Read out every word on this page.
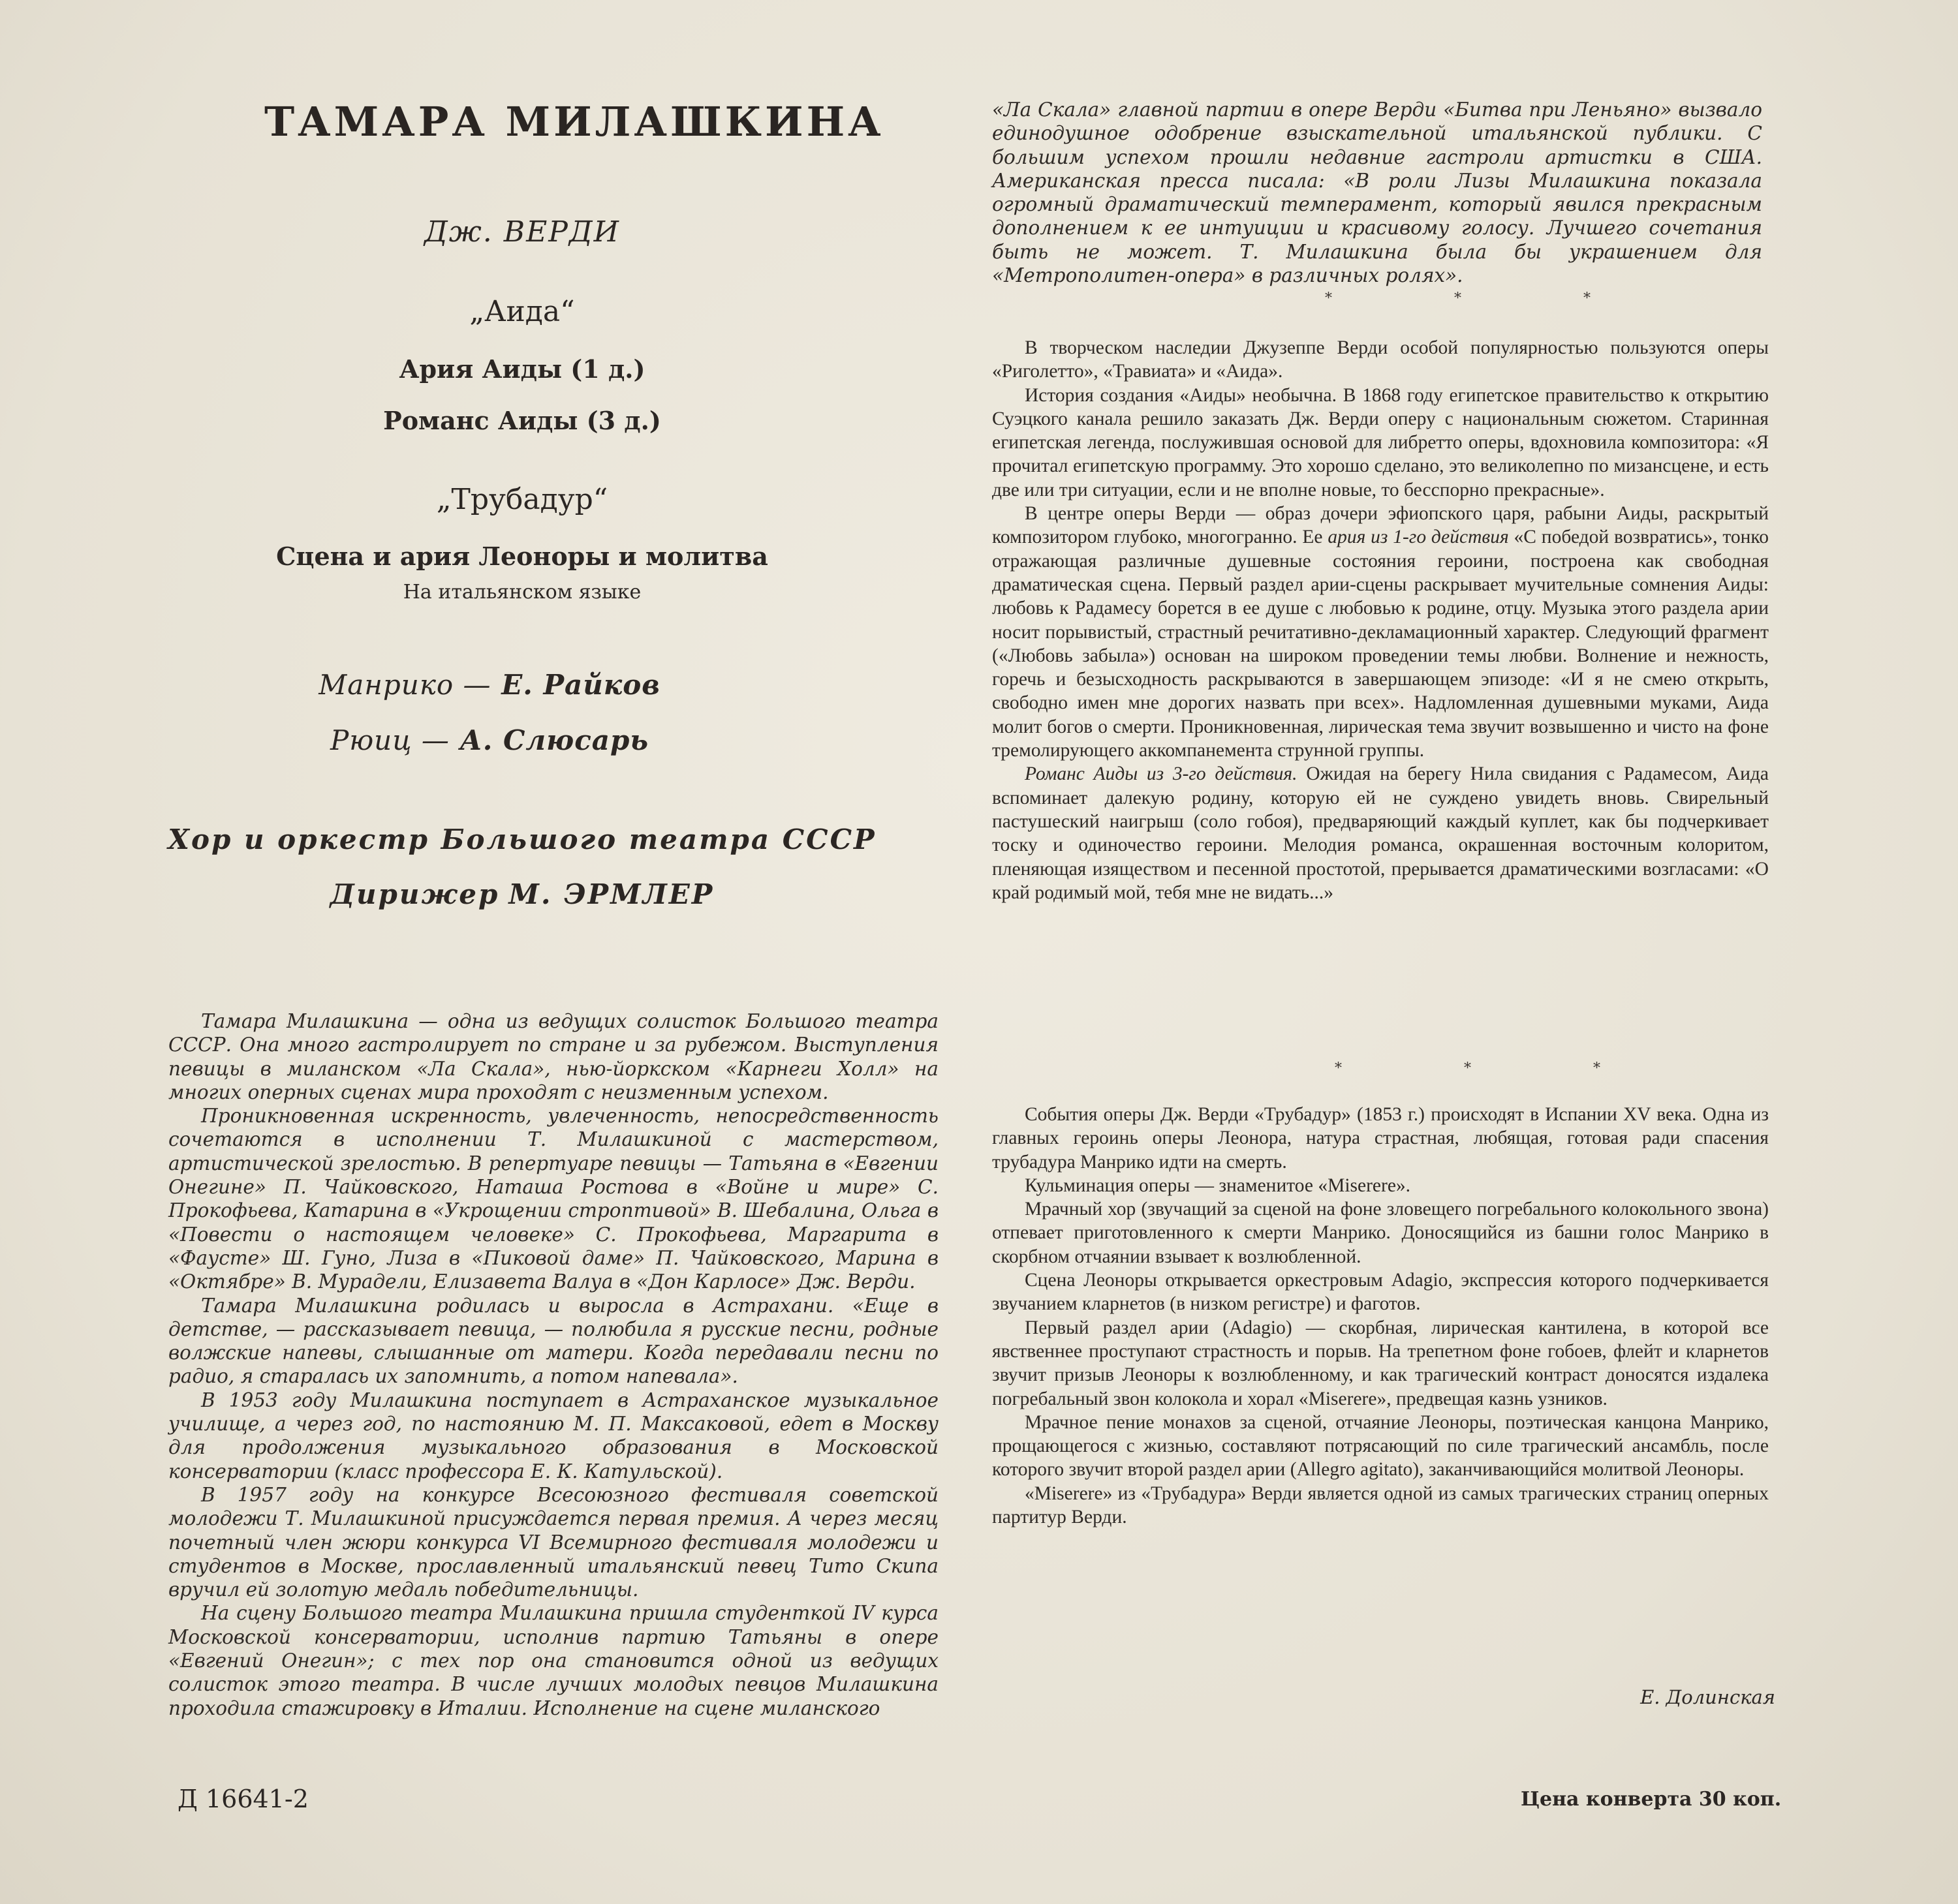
ТАМАРА МИЛАШКИНА
Дж. ВЕРДИ
„Аида“
Ария Аиды (1 д.)
Романс Аиды (3 д.)
„Трубадур“
Сцена и ария Леоноры и молитва
На итальянском языке
Манрико — Е. Райков
Рюиц — А. Слюсарь
Хор и оркестр Большого театра СССР
Дирижер М. ЭРМЛЕР

Тамара Милашкина — одна из ведущих солисток Большого театра СССР. Она много гастролирует по стране и за рубежом. Выступления певицы в миланском «Ла Скала», нью-йоркском «Карнеги Холл» на многих оперных сценах мира проходят с неизменным успехом.

Проникновенная искренность, увлеченность, непосредственность сочетаются в исполнении Т. Милашкиной с мастерством, артистической зрелостью. В репертуаре певицы — Татьяна в «Евгении Онегине» П. Чайковского, Наташа Ростова в «Войне и мире» С. Прокофьева, Катарина в «Укрощении строптивой» В. Шебалина, Ольга в «Повести о настоящем человеке» С. Прокофьева, Маргарита в «Фаусте» Ш. Гуно, Лиза в «Пиковой даме» П. Чайковского, Марина в «Октябре» В. Мурадели, Елизавета Валуа в «Дон Карлосе» Дж. Верди.

Тамара Милашкина родилась и выросла в Астрахани. «Еще в детстве, — рассказывает певица, — полюбила я русские песни, родные волжские напевы, слышанные от матери. Когда передавали песни по радио, я старалась их запомнить, а потом напевала».

В 1953 году Милашкина поступает в Астраханское музыкальное училище, а через год, по настоянию М. П. Максаковой, едет в Москву для продолжения музыкального образования в Московской консерватории (класс профессора Е. К. Катульской).

В 1957 году на конкурсе Всесоюзного фестиваля советской молодежи Т. Милашкиной присуждается первая премия. А через месяц почетный член жюри конкурса VI Всемирного фестиваля молодежи и студентов в Москве, прославленный итальянский певец Тито Скипа вручил ей золотую медаль победительницы.

На сцену Большого театра Милашкина пришла студенткой IV курса Московской консерватории, исполнив партию Татьяны в опере «Евгений Онегин»; с тех пор она становится одной из ведущих солисток этого театра. В числе лучших молодых певцов Милашкина проходила стажировку в Италии. Исполнение на сцене миланского

«Ла Скала» главной партии в опере Верди «Битва при Леньяно» вызвало единодушное одобрение взыскательной итальянской публики. С большим успехом прошли недавние гастроли артистки в США. Американская пресса писала: «В роли Лизы Милашкина показала огромный драматический темперамент, который явился прекрасным дополнением к ее интуиции и красивому голосу. Лучшего сочетания быть не может. Т. Милашкина была бы украшением для «Метрополитен-опера» в различных ролях».

* * *

В творческом наследии Джузеппе Верди особой популярностью пользуются оперы «Риголетто», «Травиата» и «Аида».

История создания «Аиды» необычна. В 1868 году египетское правительство к открытию Суэцкого канала решило заказать Дж. Верди оперу с национальным сюжетом. Старинная египетская легенда, послужившая основой для либретто оперы, вдохновила композитора: «Я прочитал египетскую программу. Это хорошо сделано, это великолепно по мизансцене, и есть две или три ситуации, если и не вполне новые, то бесспорно прекрасные».

В центре оперы Верди — образ дочери эфиопского царя, рабыни Аиды, раскрытый композитором глубоко, многогранно. Ее ария из 1-го действия «С победой возвратись», тонко отражающая различные душевные состояния героини, построена как свободная драматическая сцена. Первый раздел арии-сцены раскрывает мучительные сомнения Аиды: любовь к Радамесу борется в ее душе с любовью к родине, отцу. Музыка этого раздела арии носит порывистый, страстный речитативно-декламационный характер. Следующий фрагмент («Любовь забыла») основан на широком проведении темы любви. Волнение и нежность, горечь и безысходность раскрываются в завершающем эпизоде: «И я не смею открыть, свободно имен мне дорогих назвать при всех». Надломленная душевными муками, Аида молит богов о смерти. Проникновенная, лирическая тема звучит возвышенно и чисто на фоне тремолирующего аккомпанемента струнной группы.

Романс Аиды из 3-го действия. Ожидая на берегу Нила свидания с Радамесом, Аида вспоминает далекую родину, которую ей не суждено увидеть вновь. Свирельный пастушеский наигрыш (соло гобоя), предваряющий каждый куплет, как бы подчеркивает тоску и одиночество героини. Мелодия романса, окрашенная восточным колоритом, пленяющая изяществом и песенной простотой, прерывается драматическими возгласами: «О край родимый мой, тебя мне не видать...»

* * *

События оперы Дж. Верди «Трубадур» (1853 г.) происходят в Испании XV века. Одна из главных героинь оперы Леонора, натура страстная, любящая, готовая ради спасения трубадура Манрико идти на смерть.

Кульминация оперы — знаменитое «Miserere».

Мрачный хор (звучащий за сценой на фоне зловещего погребального колокольного звона) отпевает приготовленного к смерти Манрико. Доносящийся из башни голос Манрико в скорбном отчаянии взывает к возлюбленной.

Сцена Леоноры открывается оркестровым Adagio, экспрессия которого подчеркивается звучанием кларнетов (в низком регистре) и фаготов.

Первый раздел арии (Adagio) — скорбная, лирическая кантилена, в которой все явственнее проступают страстность и порыв. На трепетном фоне гобоев, флейт и кларнетов звучит призыв Леоноры к возлюбленному, и как трагический контраст доносятся издалека погребальный звон колокола и хорал «Miserere», предвещая казнь узников.

Мрачное пение монахов за сценой, отчаяние Леоноры, поэтическая канцона Манрико, прощающегося с жизнью, составляют потрясающий по силе трагический ансамбль, после которого звучит второй раздел арии (Allegro agitato), заканчивающийся молитвой Леоноры.

«Miserere» из «Трубадура» Верди является одной из самых трагических страниц оперных партитур Верди.

Е. Долинская
Д 16641-2	Цена конверта 30 коп.
